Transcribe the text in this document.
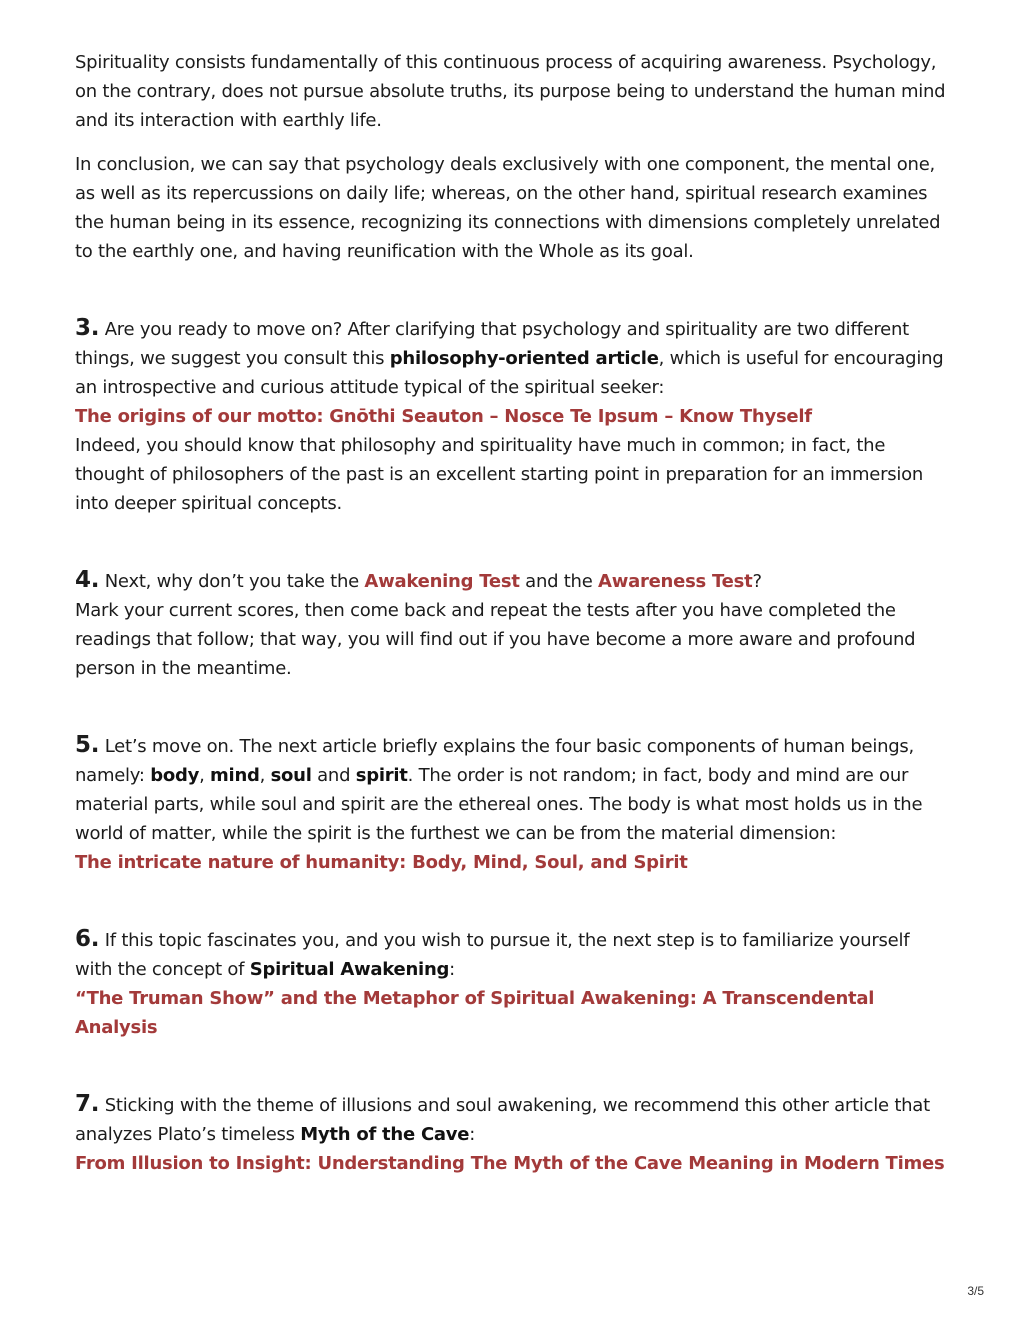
Spirituality consists fundamentally of this continuous process of acquiring awareness. Psychology, on the contrary, does not pursue absolute truths, its purpose being to understand the human mind and its interaction with earthly life.

In conclusion, we can say that psychology deals exclusively with one component, the mental one, as well as its repercussions on daily life; whereas, on the other hand, spiritual research examines the human being in its essence, recognizing its connections with dimensions completely unrelated to the earthly one, and having reunification with the Whole as its goal.

3. Are you ready to move on? After clarifying that psychology and spirituality are two different things, we suggest you consult this philosophy-oriented article, which is useful for encouraging an introspective and curious attitude typical of the spiritual seeker:
The origins of our motto: Gnōthi Seauton – Nosce Te Ipsum – Know Thyself
Indeed, you should know that philosophy and spirituality have much in common; in fact, the thought of philosophers of the past is an excellent starting point in preparation for an immersion into deeper spiritual concepts.

4. Next, why don’t you take the Awakening Test and the Awareness Test?
Mark your current scores, then come back and repeat the tests after you have completed the readings that follow; that way, you will find out if you have become a more aware and profound person in the meantime.

5. Let’s move on. The next article briefly explains the four basic components of human beings, namely: body, mind, soul and spirit. The order is not random; in fact, body and mind are our material parts, while soul and spirit are the ethereal ones. The body is what most holds us in the world of matter, while the spirit is the furthest we can be from the material dimension:
The intricate nature of humanity: Body, Mind, Soul, and Spirit

6. If this topic fascinates you, and you wish to pursue it, the next step is to familiarize yourself with the concept of Spiritual Awakening:
“The Truman Show” and the Metaphor of Spiritual Awakening: A Transcendental Analysis

7. Sticking with the theme of illusions and soul awakening, we recommend this other article that analyzes Plato’s timeless Myth of the Cave:
From Illusion to Insight: Understanding The Myth of the Cave Meaning in Modern Times

3/5
